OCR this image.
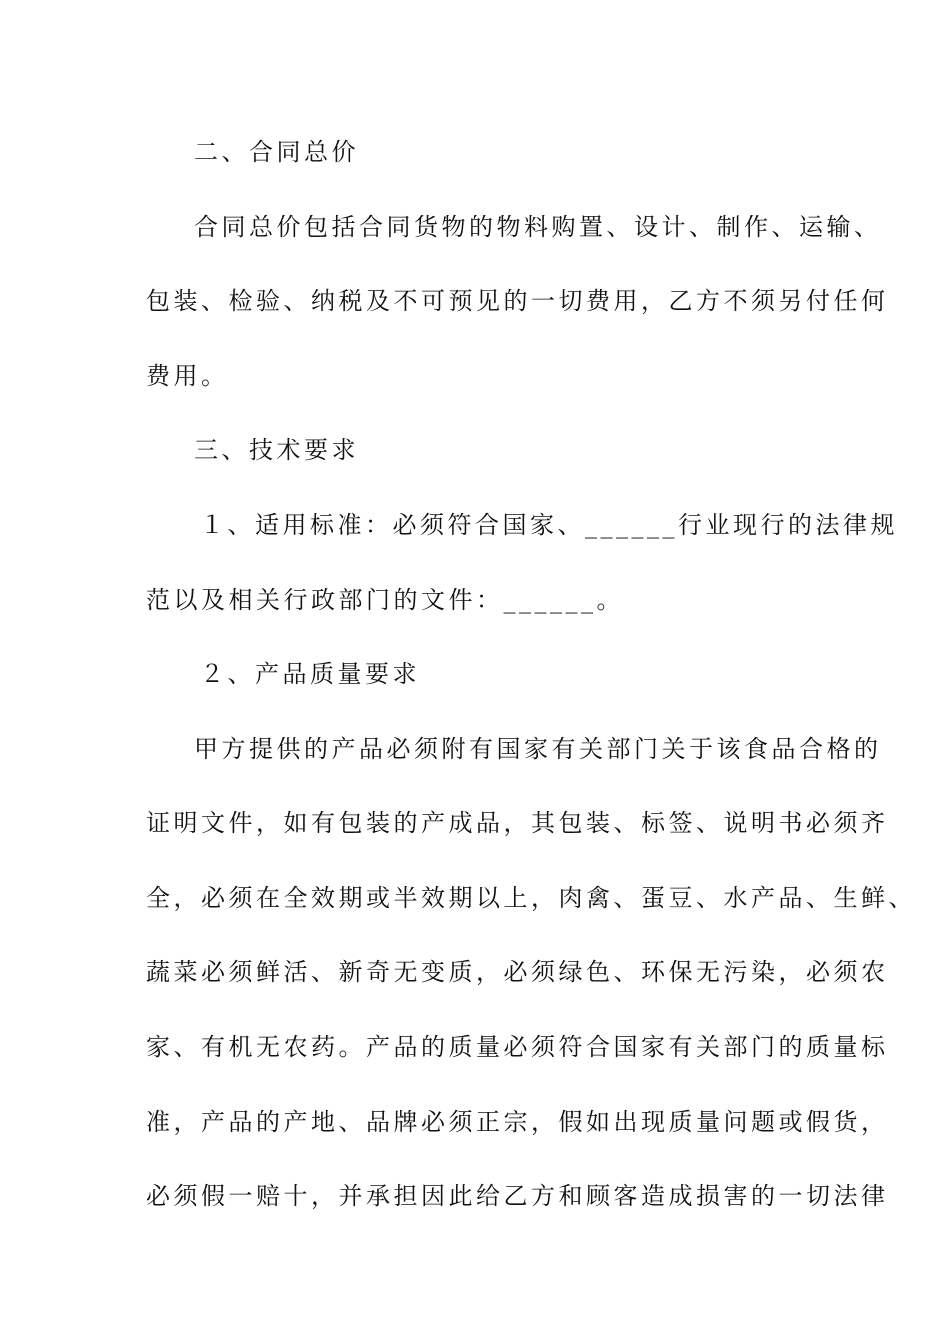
二、合同总价
合同总价包括合同货物的物料购置、设计、制作、运输、
包装、检验、纳税及不可预见的一切费用，乙方不须另付任何
费用。
三、技术要求
１、适用标准：必须符合国家、______行业现行的法律规
范以及相关行政部门的文件：______。
２、产品质量要求
甲方提供的产品必须附有国家有关部门关于该食品合格的
证明文件，如有包装的产成品，其包装、标签、说明书必须齐
全，必须在全效期或半效期以上，肉禽、蛋豆、水产品、生鲜、
蔬菜必须鲜活、新奇无变质，必须绿色、环保无污染，必须农
家、有机无农药。产品的质量必须符合国家有关部门的质量标
准，产品的产地、品牌必须正宗，假如出现质量问题或假货，
必须假一赔十，并承担因此给乙方和顾客造成损害的一切法律
